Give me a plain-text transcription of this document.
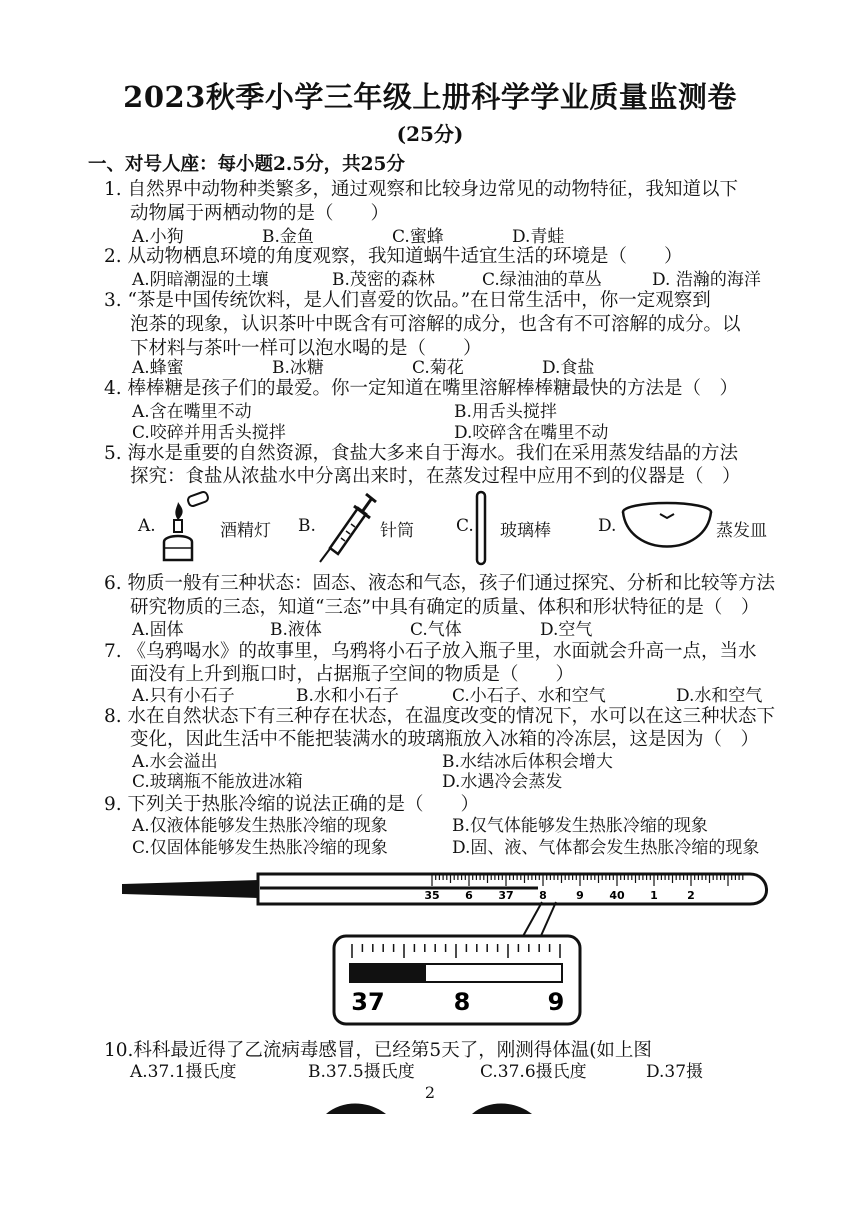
2023秋季小学三年级上册科学学业质量监测卷
(25分)
一、对号人座：每小题2.5分，共25分
1. 自然界中动物种类繁多，通过观察和比较身边常见的动物特征，我知道以下
动物属于两栖动物的是（　　）
A.小狗	B.金鱼	C.蜜蜂	D.青蛙
2. 从动物栖息环境的角度观察，我知道蜗牛适宜生活的环境是（　　）
A.阴暗潮湿的土壤	B.茂密的森林	C.绿油油的草丛	D. 浩瀚的海洋
3. “茶是中国传统饮料，是人们喜爱的饮品。”在日常生活中，你一定观察到
泡茶的现象，认识茶叶中既含有可溶解的成分，也含有不可溶解的成分。以
下材料与茶叶一样可以泡水喝的是（　　）
A.蜂蜜	B.冰糖	C.菊花	D.食盐
4. 棒棒糖是孩子们的最爱。你一定知道在嘴里溶解棒棒糖最快的方法是（　）
A.含在嘴里不动	B.用舌头搅拌
C.咬碎并用舌头搅拌	D.咬碎含在嘴里不动
5. 海水是重要的自然资源，食盐大多来自于海水。我们在采用蒸发结晶的方法
探究：食盐从浓盐水中分离出来时，在蒸发过程中应用不到的仪器是（　）
A.	酒精灯 B.	针筒 C. 玻璃棒	D.	蒸发皿
6. 物质一般有三种状态：固态、液态和气态，孩子们通过探究、分析和比较等方法
研究物质的三态，知道“三态”中具有确定的质量、体积和形状特征的是（　）
A.固体	B.液体	C.气体	D.空气
7. 《乌鸦喝水》的故事里，乌鸦将小石子放入瓶子里，水面就会升高一点，当水
面没有上升到瓶口时，占据瓶子空间的物质是（　　）
A.只有小石子	B.水和小石子	C.小石子、水和空气	D.水和空气
8. 水在自然状态下有三种存在状态，在温度改变的情况下，水可以在这三种状态下
变化，因此生活中不能把装满水的玻璃瓶放入冰箱的冷冻层，这是因为（　）
A.水会溢出	B.水结冰后体积会增大
C.玻璃瓶不能放进冰箱	D.水遇冷会蒸发
9. 下列关于热胀冷缩的说法正确的是（　　）
A.仅液体能够发生热胀冷缩的现象	B.仅气体能够发生热胀冷缩的现象
C.仅固体能够发生热胀冷缩的现象	D.固、液、气体都会发生热胀冷缩的现象
35 6 37 8	9 40 1	2
37	8	9
10.科科最近得了乙流病毒感冒，已经第5天了，刚测得体温(如上图
A.37.1摄氏度	B.37.5摄氏度	C.37.6摄氏度	D.37摄
2
